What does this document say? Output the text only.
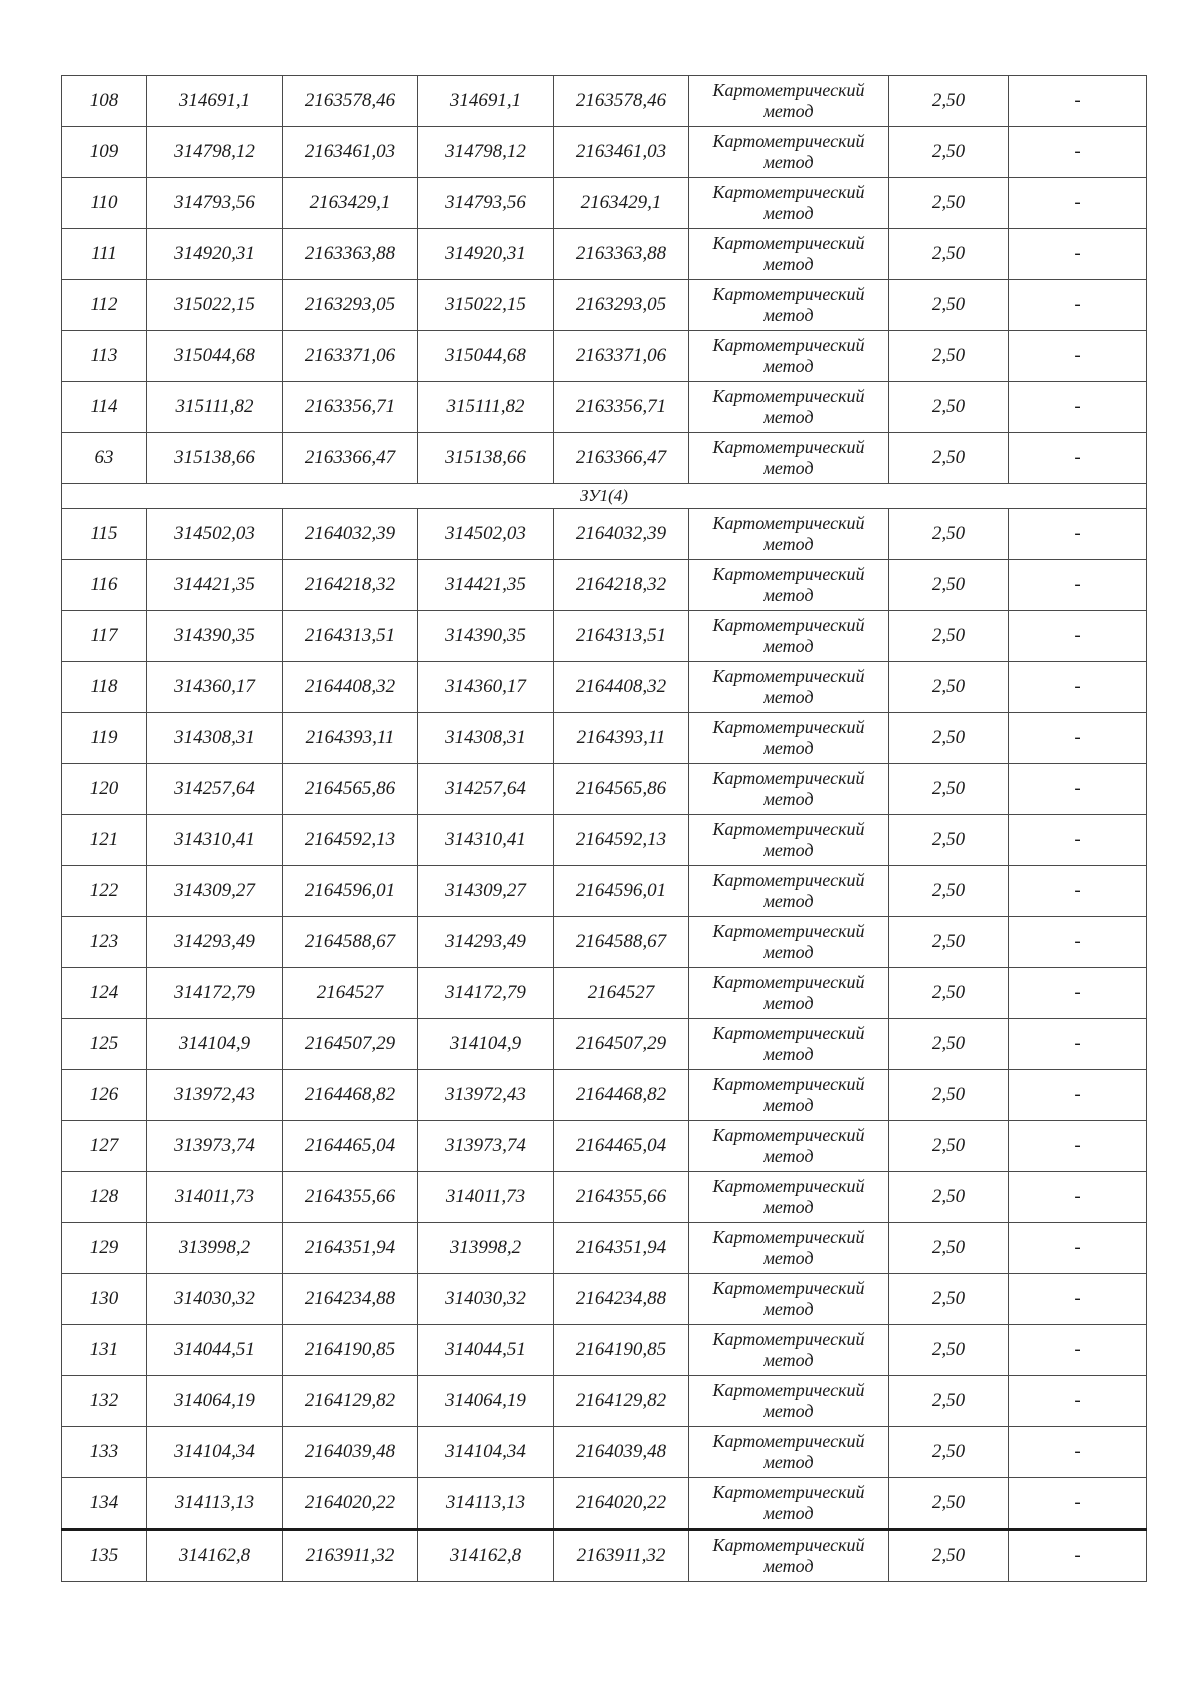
108	314691,1	2163578,46	314691,1	2163578,46	Картометрический метод	2,50	-
109	314798,12	2163461,03	314798,12	2163461,03	Картометрический метод	2,50	-
110	314793,56	2163429,1	314793,56	2163429,1	Картометрический метод	2,50	-
111	314920,31	2163363,88	314920,31	2163363,88	Картометрический метод	2,50	-
112	315022,15	2163293,05	315022,15	2163293,05	Картометрический метод	2,50	-
113	315044,68	2163371,06	315044,68	2163371,06	Картометрический метод	2,50	-
114	315111,82	2163356,71	315111,82	2163356,71	Картометрический метод	2,50	-
63	315138,66	2163366,47	315138,66	2163366,47	Картометрический метод	2,50	-
ЗУ1(4)							
115	314502,03	2164032,39	314502,03	2164032,39	Картометрический метод	2,50	-
116	314421,35	2164218,32	314421,35	2164218,32	Картометрический метод	2,50	-
117	314390,35	2164313,51	314390,35	2164313,51	Картометрический метод	2,50	-
118	314360,17	2164408,32	314360,17	2164408,32	Картометрический метод	2,50	-
119	314308,31	2164393,11	314308,31	2164393,11	Картометрический метод	2,50	-
120	314257,64	2164565,86	314257,64	2164565,86	Картометрический метод	2,50	-
121	314310,41	2164592,13	314310,41	2164592,13	Картометрический метод	2,50	-
122	314309,27	2164596,01	314309,27	2164596,01	Картометрический метод	2,50	-
123	314293,49	2164588,67	314293,49	2164588,67	Картометрический метод	2,50	-
124	314172,79	2164527	314172,79	2164527	Картометрический метод	2,50	-
125	314104,9	2164507,29	314104,9	2164507,29	Картометрический метод	2,50	-
126	313972,43	2164468,82	313972,43	2164468,82	Картометрический метод	2,50	-
127	313973,74	2164465,04	313973,74	2164465,04	Картометрический метод	2,50	-
128	314011,73	2164355,66	314011,73	2164355,66	Картометрический метод	2,50	-
129	313998,2	2164351,94	313998,2	2164351,94	Картометрический метод	2,50	-
130	314030,32	2164234,88	314030,32	2164234,88	Картометрический метод	2,50	-
131	314044,51	2164190,85	314044,51	2164190,85	Картометрический метод	2,50	-
132	314064,19	2164129,82	314064,19	2164129,82	Картометрический метод	2,50	-
133	314104,34	2164039,48	314104,34	2164039,48	Картометрический метод	2,50	-
134	314113,13	2164020,22	314113,13	2164020,22	Картометрический метод	2,50	-
135	314162,8	2163911,32	314162,8	2163911,32	Картометрический метод	2,50	-
